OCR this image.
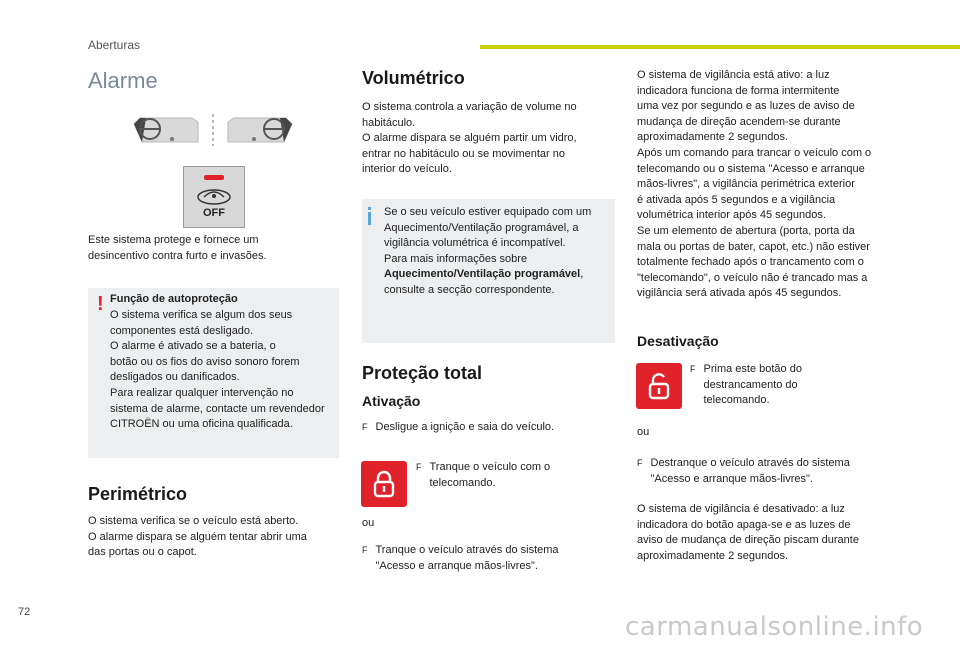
Aberturas
Alarme
OFF
Este sistema protege e fornece um
desincentivo contra furto e invasões.
! Função de autoproteção
O sistema verifica se algum dos seus
componentes está desligado.
O alarme é ativado se a bateria, o
botão ou os fios do aviso sonoro forem
desligados ou danificados.
Para realizar qualquer intervenção no
sistema de alarme, contacte um revendedor
CITROËN ou uma oficina qualificada.
Perimétrico
O sistema verifica se o veículo está aberto.
O alarme dispara se alguém tentar abrir uma
das portas ou o capot.
Volumétrico
O sistema controla a variação de volume no
habitáculo.
O alarme dispara se alguém partir um vidro,
entrar no habitáculo ou se movimentar no
interior do veículo.
Se o seu veículo estiver equipado com um
Aquecimento/Ventilação programável, a
vigilância volumétrica é incompatível.
Para mais informações sobre
Aquecimento/Ventilação programável,
consulte a secção correspondente.
Proteção total
Ativação
F Desligue a ignição e saia do veículo.
F Tranque o veículo com o
telecomando.
ou
F Tranque o veículo através do sistema
"Acesso e arranque mãos-livres".
O sistema de vigilância está ativo: a luz
indicadora funciona de forma intermitente
uma vez por segundo e as luzes de aviso de
mudança de direção acendem-se durante
aproximadamente 2 segundos.
Após um comando para trancar o veículo com o
telecomando ou o sistema "Acesso e arranque
mãos-livres", a vigilância perimétrica exterior
é ativada após 5 segundos e a vigilância
volumétrica interior após 45 segundos.
Se um elemento de abertura (porta, porta da
mala ou portas de bater, capot, etc.) não estiver
totalmente fechado após o trancamento com o
"telecomando", o veículo não é trancado mas a
vigilância será ativada após 45 segundos.
Desativação
F Prima este botão do
destrancamento do
telecomando.
ou
F Destranque o veículo através do sistema
"Acesso e arranque mãos-livres".
O sistema de vigilância é desativado: a luz
indicadora do botão apaga-se e as luzes de
aviso de mudança de direção piscam durante
aproximadamente 2 segundos.
72	carmanualsonline.info
